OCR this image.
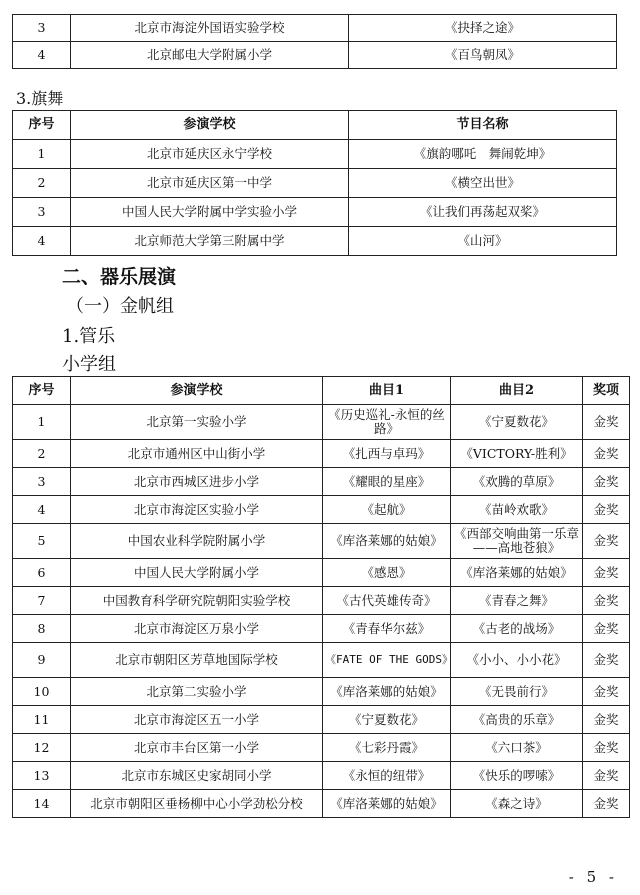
3	北京市海淀外国语实验学校	《抉择之途》
4	北京邮电大学附属小学	《百鸟朝凤》
3.旗舞
序号	参演学校	节目名称
1	北京市延庆区永宁学校	《旗韵哪吒　舞闹乾坤》
2	北京市延庆区第一中学	《横空出世》
3	中国人民大学附属中学实验小学	《让我们再荡起双桨》
4	北京师范大学第三附属中学	《山河》
二、器乐展演
（一）金帆组
1.管乐
小学组
序号	参演学校	曲目1	曲目2	奖项
1	北京第一实验小学	《历史巡礼-永恒的丝路》	《宁夏数花》	金奖
2	北京市通州区中山街小学	《扎西与卓玛》	《VICTORY-胜利》	金奖
3	北京市西城区进步小学	《耀眼的星座》	《欢腾的草原》	金奖
4	北京市海淀区实验小学	《起航》	《苗岭欢歌》	金奖
5	中国农业科学院附属小学	《库洛莱娜的姑娘》	《西部交响曲第一乐章——高地苍狼》	金奖
6	中国人民大学附属小学	《感恩》	《库洛莱娜的姑娘》	金奖
7	中国教育科学研究院朝阳实验学校	《古代英雄传奇》	《青春之舞》	金奖
8	北京市海淀区万泉小学	《青春华尔兹》	《古老的战场》	金奖
9	北京市朝阳区芳草地国际学校	《FATE OF THE GODS》	《小小、小小花》	金奖
10	北京第二实验小学	《库洛莱娜的姑娘》	《无畏前行》	金奖
11	北京市海淀区五一小学	《宁夏数花》	《高贵的乐章》	金奖
12	北京市丰台区第一小学	《七彩丹霞》	《六口茶》	金奖
13	北京市东城区史家胡同小学	《永恒的纽带》	《快乐的啰嗦》	金奖
14	北京市朝阳区垂杨柳中心小学劲松分校	《库洛莱娜的姑娘》	《森之诗》	金奖
- 5 -
